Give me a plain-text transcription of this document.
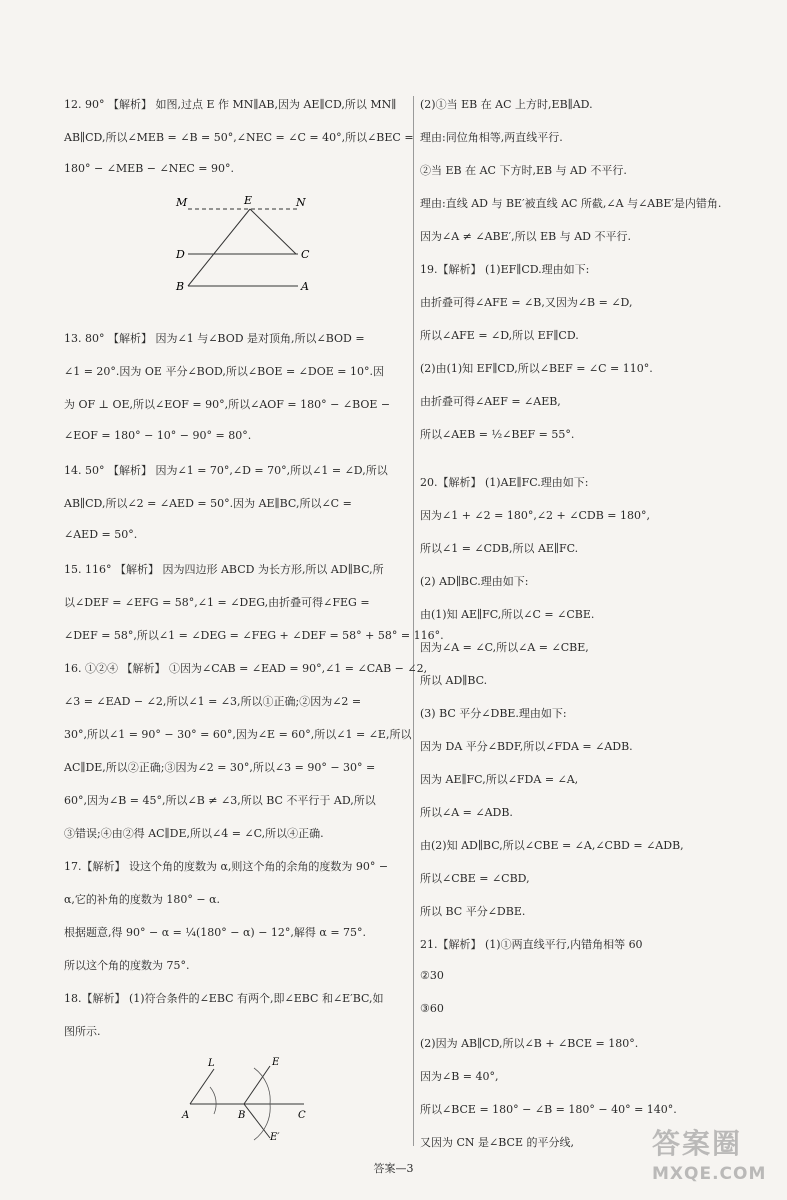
12. 90° 【解析】 如图,过点 E 作 MN∥AB,因为 AE∥CD,所以 MN∥
AB∥CD,所以∠MEB = ∠B = 50°,∠NEC = ∠C = 40°,所以∠BEC =
180° − ∠MEB − ∠NEC = 90°.
M	E	N
D	C
B	A
13. 80° 【解析】 因为∠1 与∠BOD 是对顶角,所以∠BOD =
∠1 = 20°.因为 OE 平分∠BOD,所以∠BOE = ∠DOE = 10°.因
为 OF ⊥ OE,所以∠EOF = 90°,所以∠AOF = 180° − ∠BOE −
∠EOF = 180° − 10° − 90° = 80°.
14. 50° 【解析】 因为∠1 = 70°,∠D = 70°,所以∠1 = ∠D,所以
AB∥CD,所以∠2 = ∠AED = 50°.因为 AE∥BC,所以∠C =
∠AED = 50°.
15. 116° 【解析】 因为四边形 ABCD 为长方形,所以 AD∥BC,所
以∠DEF = ∠EFG = 58°,∠1 = ∠DEG,由折叠可得∠FEG =
∠DEF = 58°,所以∠1 = ∠DEG = ∠FEG + ∠DEF = 58° + 58° = 116°.
16. ①②④ 【解析】 ①因为∠CAB = ∠EAD = 90°,∠1 = ∠CAB − ∠2,
∠3 = ∠EAD − ∠2,所以∠1 = ∠3,所以①正确;②因为∠2 =
30°,所以∠1 = 90° − 30° = 60°,因为∠E = 60°,所以∠1 = ∠E,所以
AC∥DE,所以②正确;③因为∠2 = 30°,所以∠3 = 90° − 30° =
60°,因为∠B = 45°,所以∠B ≠ ∠3,所以 BC 不平行于 AD,所以
③错误;④由②得 AC∥DE,所以∠4 = ∠C,所以④正确.
17.【解析】 设这个角的度数为 α,则这个角的余角的度数为 90° −
α,它的补角的度数为 180° − α.
根据题意,得 90° − α = ¼(180° − α) − 12°,解得 α = 75°.
所以这个角的度数为 75°.
18.【解析】 (1)符合条件的∠EBC 有两个,即∠EBC 和∠E′BC,如
图所示.
L	E
A	B	C
E′
(2)①当 EB 在 AC 上方时,EB∥AD.
理由:同位角相等,两直线平行.
②当 EB 在 AC 下方时,EB 与 AD 不平行.
理由:直线 AD 与 BE′被直线 AC 所截,∠A 与∠ABE′是内错角.
因为∠A ≠ ∠ABE′,所以 EB 与 AD 不平行.
19.【解析】 (1)EF∥CD.理由如下:
由折叠可得∠AFE = ∠B,又因为∠B = ∠D,
所以∠AFE = ∠D,所以 EF∥CD.
(2)由(1)知 EF∥CD,所以∠BEF = ∠C = 110°.
由折叠可得∠AEF = ∠AEB,
所以∠AEB = ½∠BEF = 55°.
20.【解析】 (1)AE∥FC.理由如下:
因为∠1 + ∠2 = 180°,∠2 + ∠CDB = 180°,
所以∠1 = ∠CDB,所以 AE∥FC.
(2) AD∥BC.理由如下:
由(1)知 AE∥FC,所以∠C = ∠CBE.
因为∠A = ∠C,所以∠A = ∠CBE,
所以 AD∥BC.
(3) BC 平分∠DBE.理由如下:
因为 DA 平分∠BDF,所以∠FDA = ∠ADB.
因为 AE∥FC,所以∠FDA = ∠A,
所以∠A = ∠ADB.
由(2)知 AD∥BC,所以∠CBE = ∠A,∠CBD = ∠ADB,
所以∠CBE = ∠CBD,
所以 BC 平分∠DBE.
21.【解析】 (1)①两直线平行,内错角相等 60
②30
③60
(2)因为 AB∥CD,所以∠B + ∠BCE = 180°.
因为∠B = 40°,
所以∠BCE = 180° − ∠B = 180° − 40° = 140°.
又因为 CN 是∠BCE 的平分线,
答案—3
答案圈
MXQE.COM
